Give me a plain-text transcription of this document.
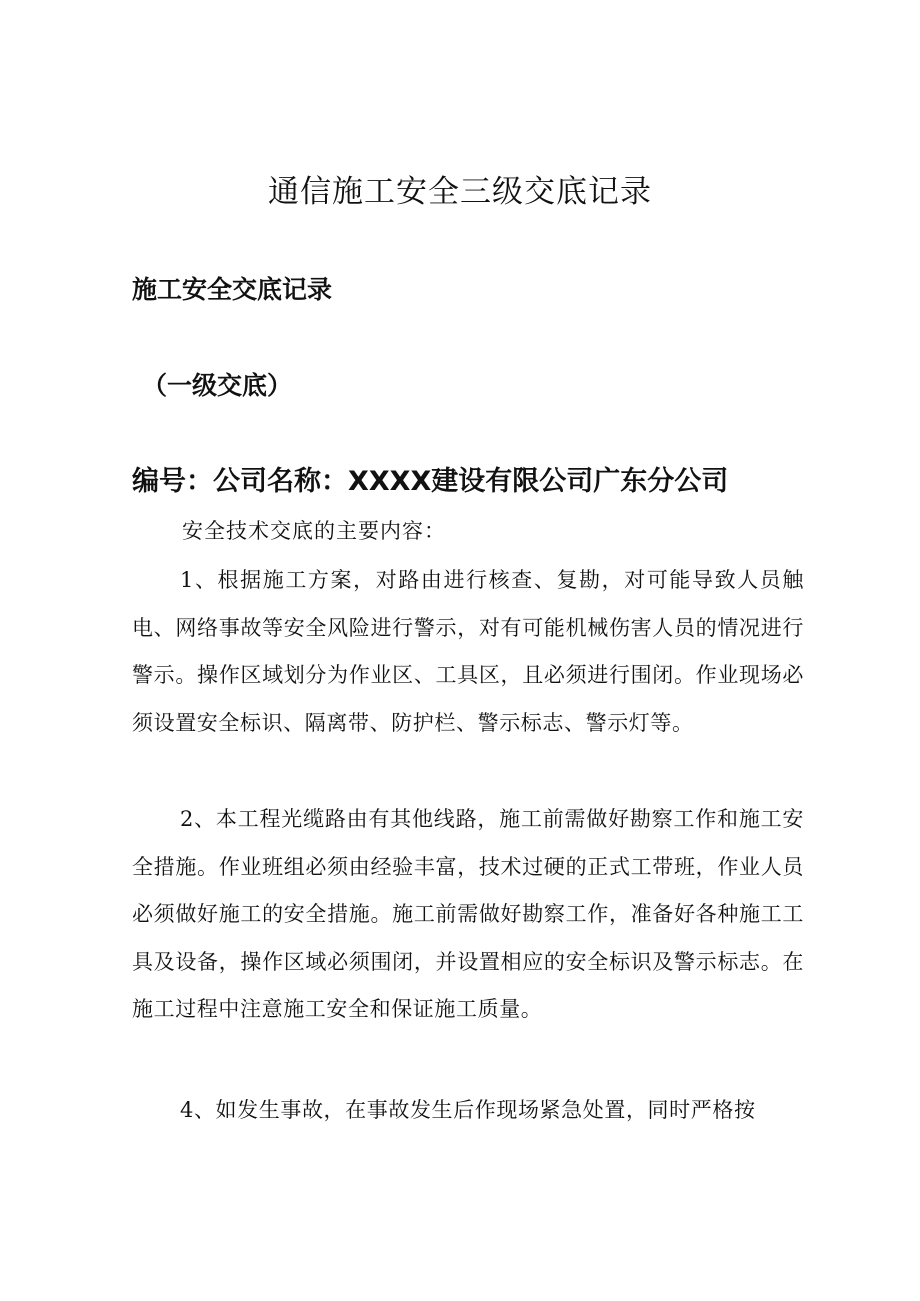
通信施工安全三级交底记录
施工安全交底记录
（一级交底）
编号：公司名称：XXXX建设有限公司广东分公司

安全技术交底的主要内容：

1、根据施工方案，对路由进行核查、复勘，对可能导致人员触电、网络事故等安全风险进行警示，对有可能机械伤害人员的情况进行警示。操作区域划分为作业区、工具区，且必须进行围闭。作业现场必须设置安全标识、隔离带、防护栏、警示标志、警示灯等。

2、本工程光缆路由有其他线路，施工前需做好勘察工作和施工安全措施。作业班组必须由经验丰富，技术过硬的正式工带班，作业人员必须做好施工的安全措施。施工前需做好勘察工作，准备好各种施工工具及设备，操作区域必须围闭，并设置相应的安全标识及警示标志。在施工过程中注意施工安全和保证施工质量。

4、如发生事故，在事故发生后作现场紧急处置，同时严格按
